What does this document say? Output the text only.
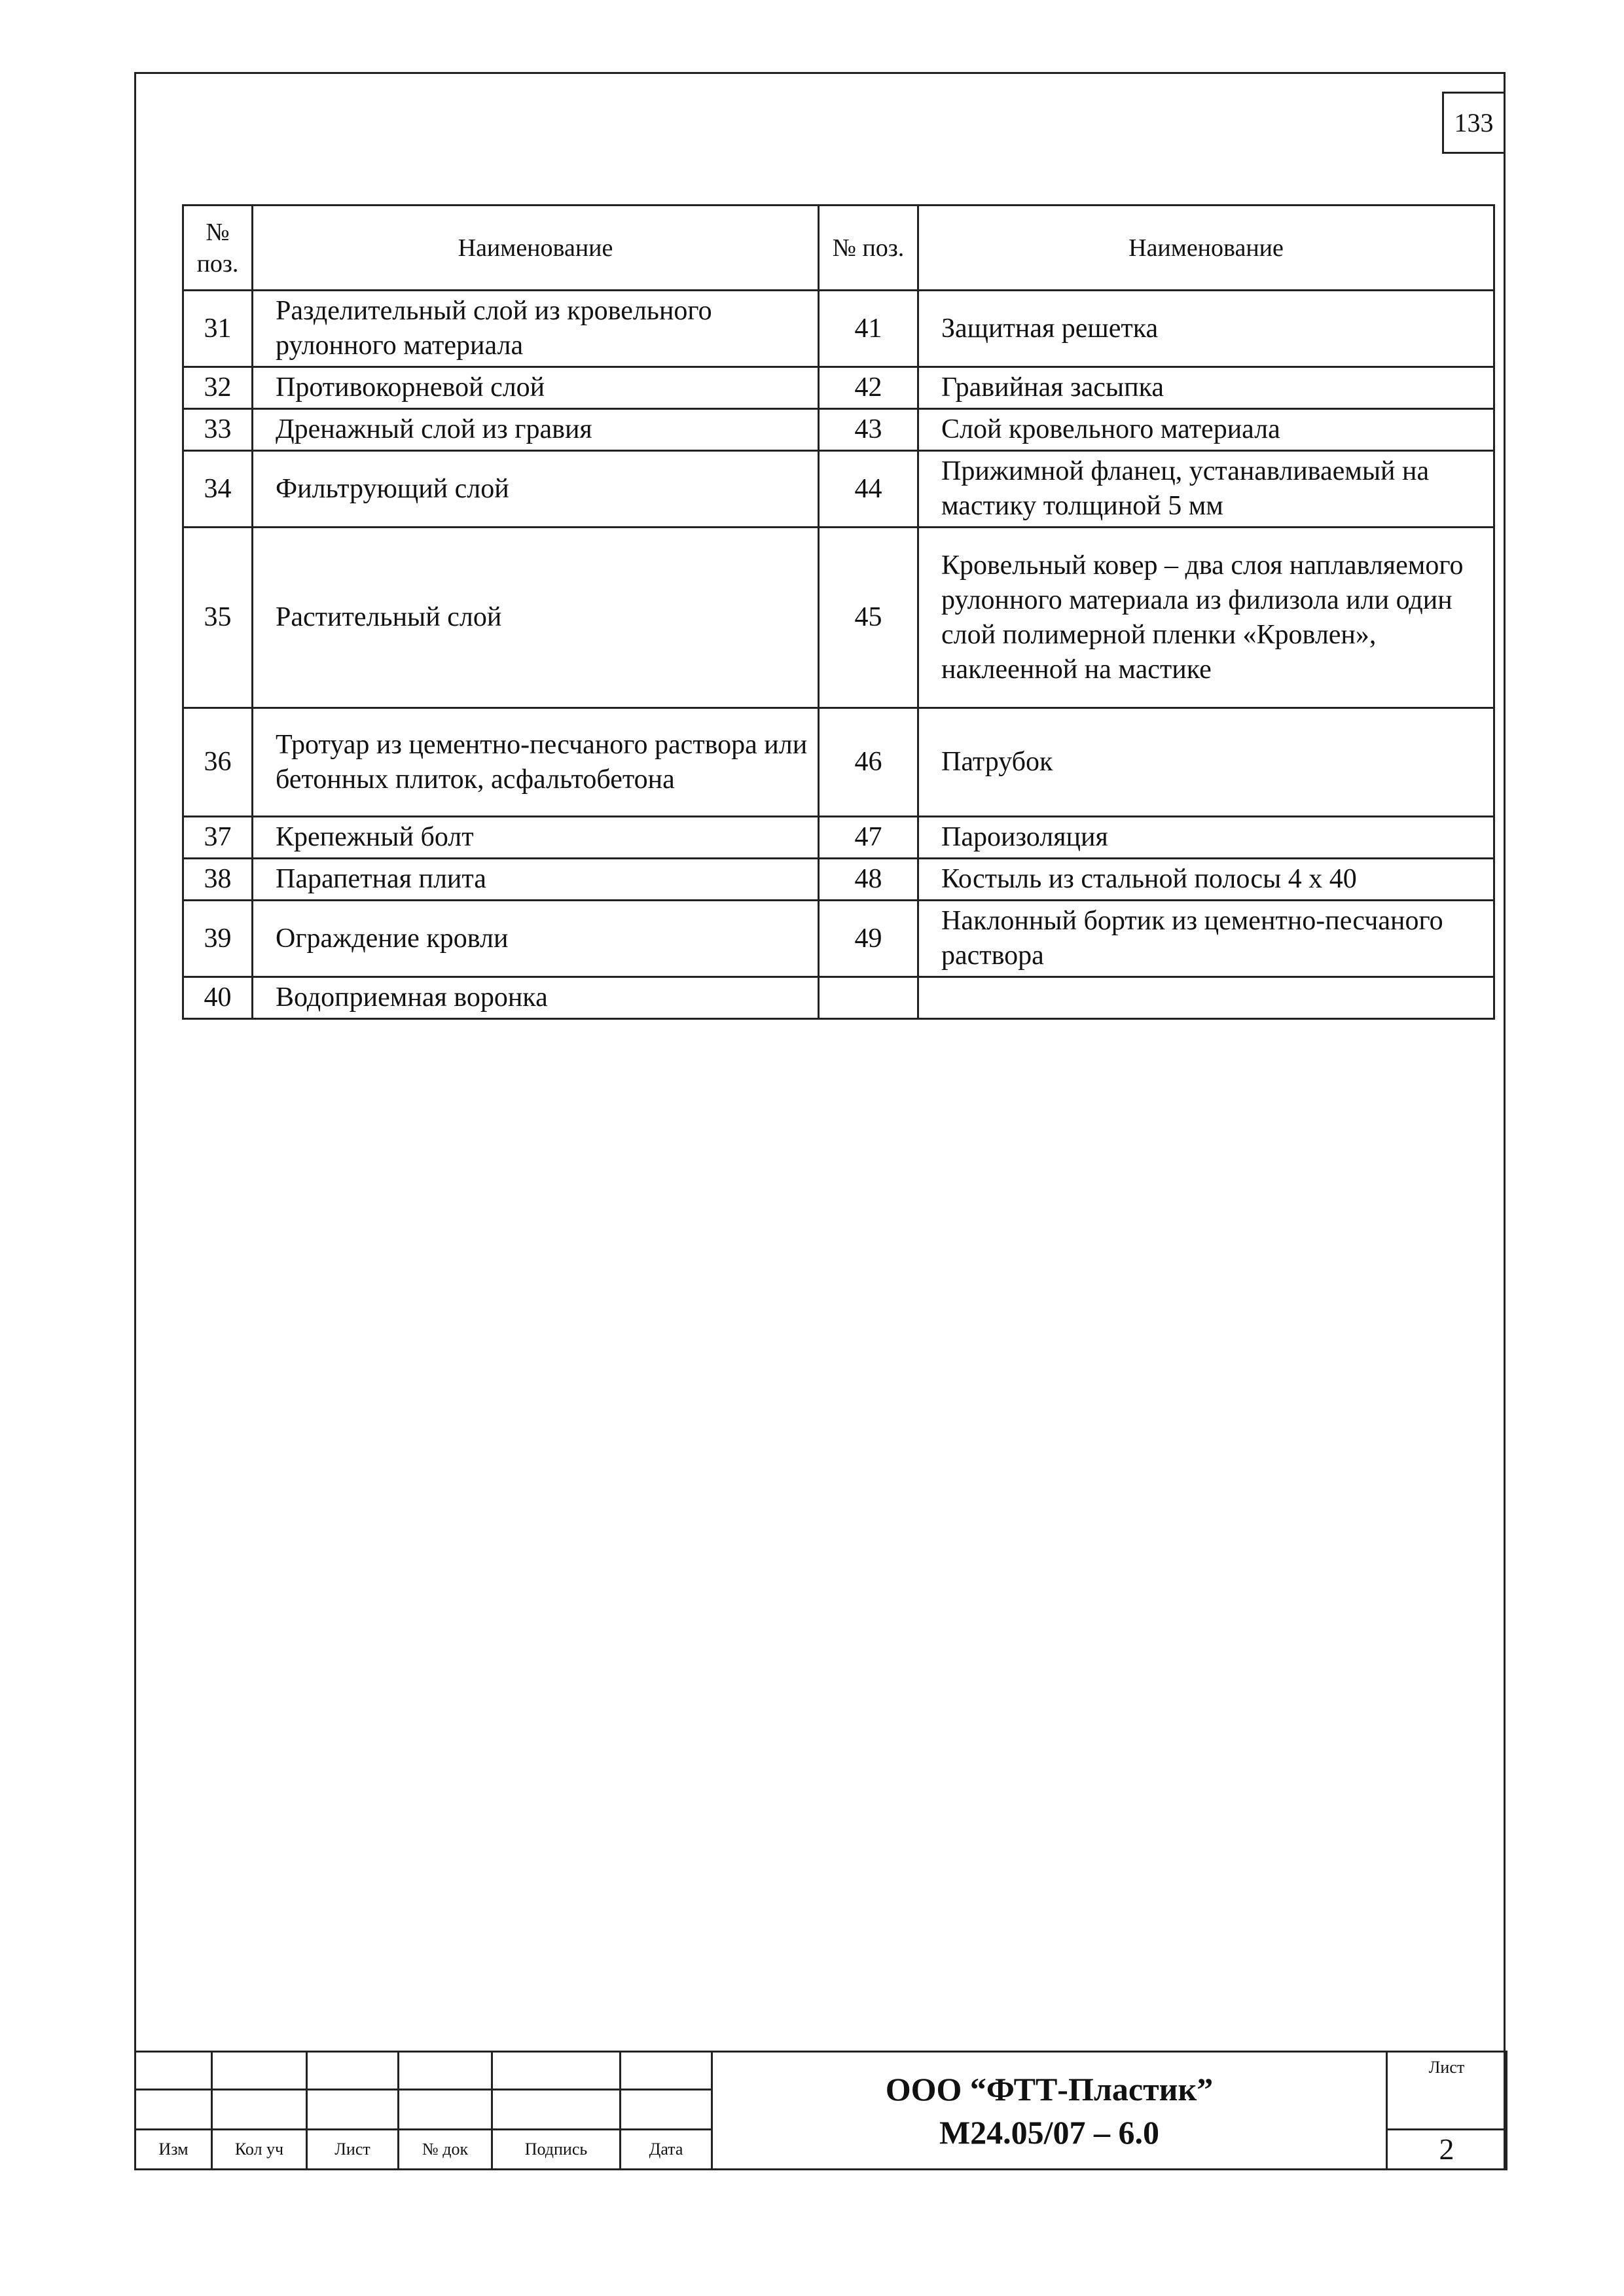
133
№ поз.	Наименование	№ поз.	Наименование
31	Разделительный слой из кровельного рулонного материала	41	Защитная решетка
32	Противокорневой слой	42	Гравийная засыпка
33	Дренажный слой из гравия	43	Слой кровельного материала
34	Фильтрующий слой	44	Прижимной фланец, устанавливаемый на мастику толщиной 5 мм
35	Растительный слой	45	Кровельный ковер – два слоя наплавляемого рулонного материала из филизола или один слой полимерной пленки «Кровлен», наклеенной на мастике
36	Тротуар из цементно-песчаного раствора или бетонных плиток, асфальтобетона	46	Патрубок
37	Крепежный болт	47	Пароизоляция
38	Парапетная плита	48	Костыль из стальной полосы 4 х 40
39	Ограждение кровли	49	Наклонный бортик из цементно-песчаного раствора
40	Водоприемная воронка		

						ООО “ФТТ-Пластик”
М24.05/07 – 6.0	Лист

Изм	Кол уч	Лист	№ док	Подпись	Дата		2
